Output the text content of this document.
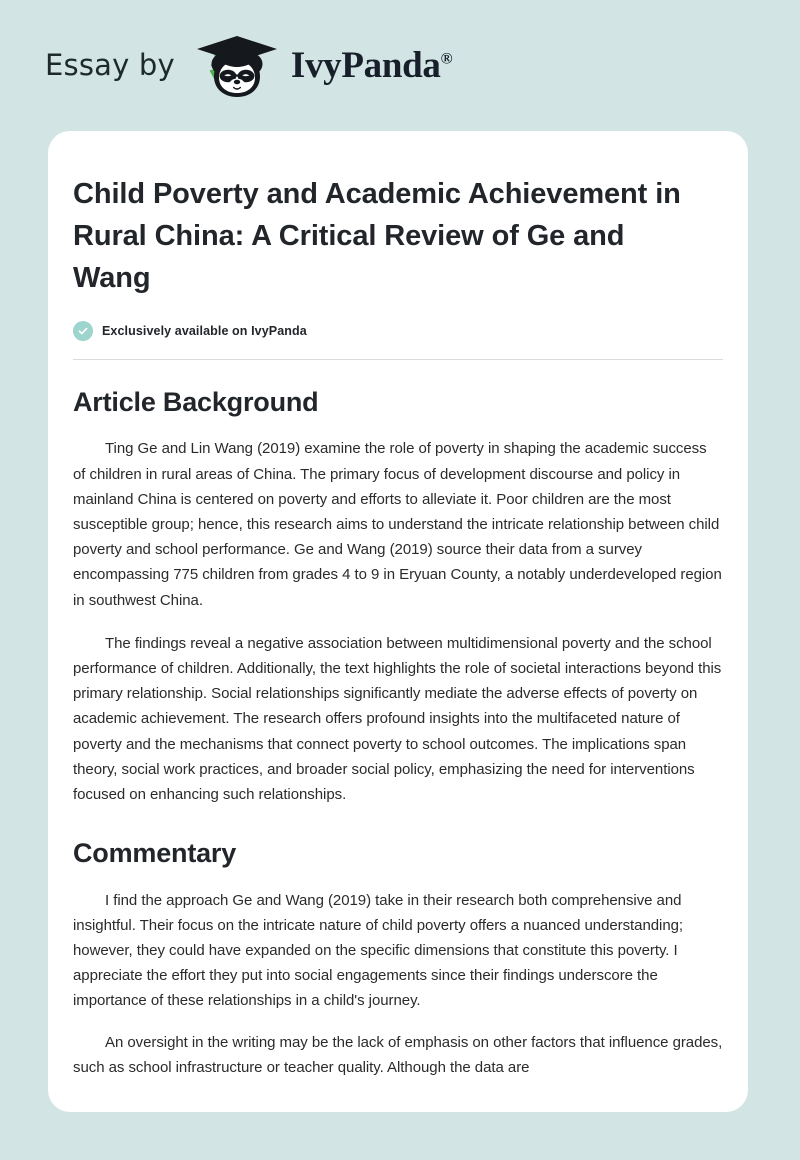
Essay by	IvyPanda®
Child Poverty and Academic Achievement in Rural China: A Critical Review of Ge and Wang
Exclusively available on IvyPanda
Article Background

Ting Ge and Lin Wang (2019) examine the role of poverty in shaping the academic success of children in rural areas of China. The primary focus of development discourse and policy in mainland China is centered on poverty and efforts to alleviate it. Poor children are the most susceptible group; hence, this research aims to understand the intricate relationship between child poverty and school performance. Ge and Wang (2019) source their data from a survey encompassing 775 children from grades 4 to 9 in Eryuan County, a notably underdeveloped region in southwest China.

The findings reveal a negative association between multidimensional poverty and the school performance of children. Additionally, the text highlights the role of societal interactions beyond this primary relationship. Social relationships significantly mediate the adverse effects of poverty on academic achievement. The research offers profound insights into the multifaceted nature of poverty and the mechanisms that connect poverty to school outcomes. The implications span theory, social work practices, and broader social policy, emphasizing the need for interventions focused on enhancing such relationships.

Commentary

I find the approach Ge and Wang (2019) take in their research both comprehensive and insightful. Their focus on the intricate nature of child poverty offers a nuanced understanding; however, they could have expanded on the specific dimensions that constitute this poverty. I appreciate the effort they put into social engagements since their findings underscore the importance of these relationships in a child's journey.

An oversight in the writing may be the lack of emphasis on other factors that influence grades, such as school infrastructure or teacher quality. Although the data are
